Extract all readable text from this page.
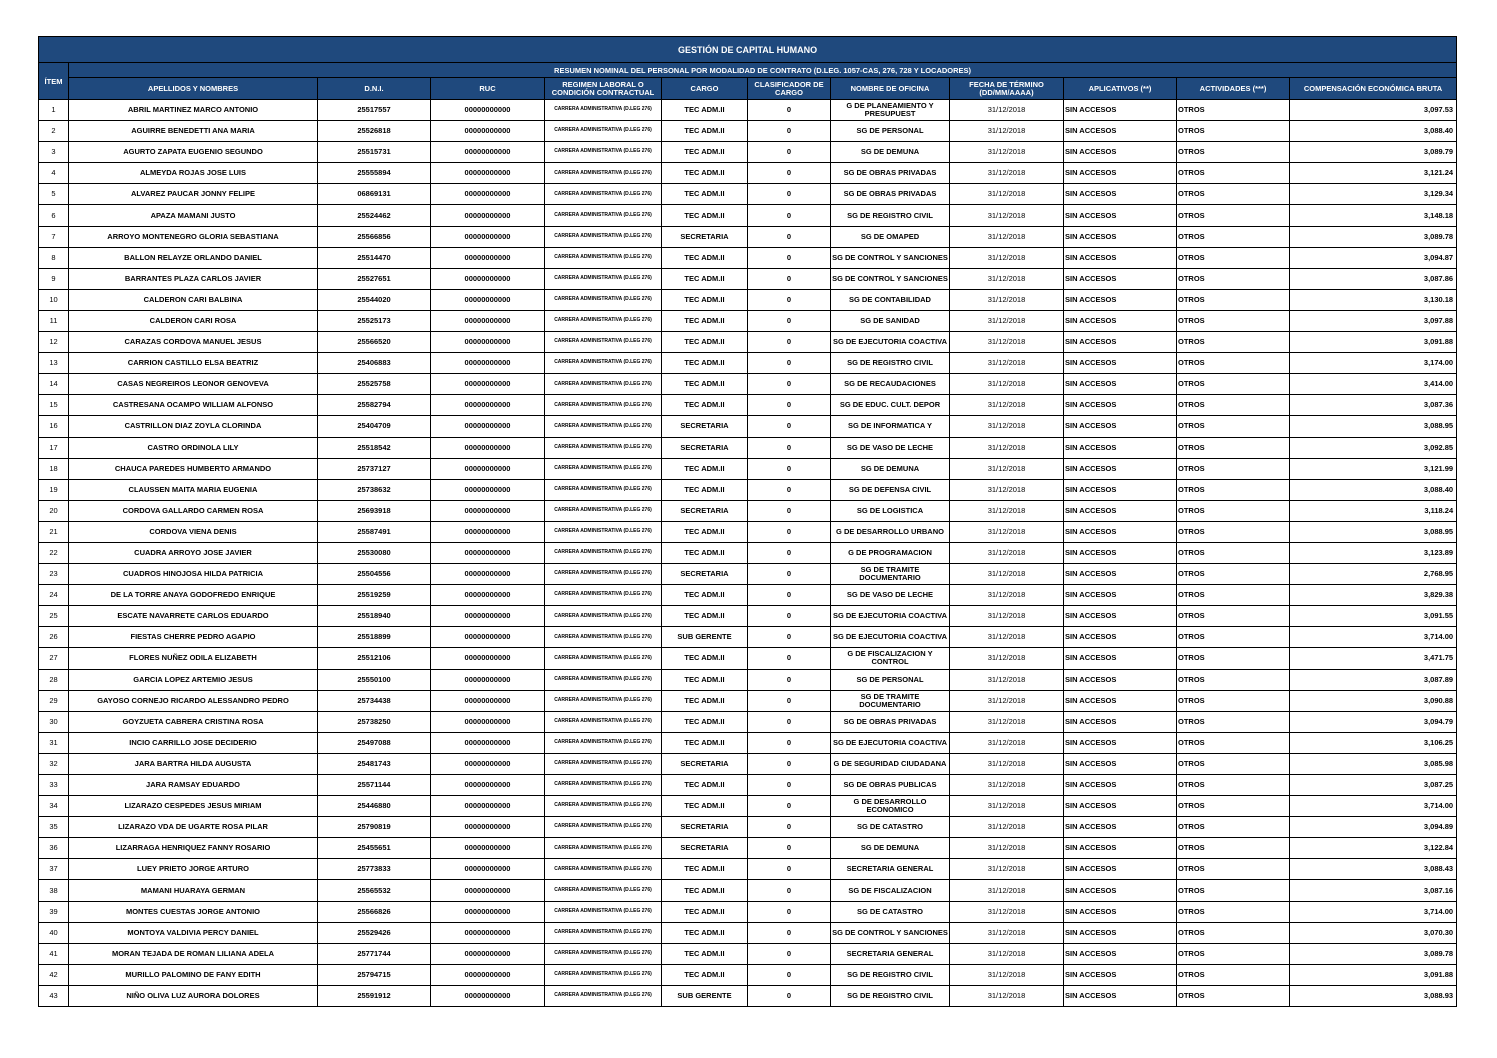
GESTIÓN DE CAPITAL HUMANO											
ÍTEM	RESUMEN NOMINAL DEL PERSONAL POR MODALIDAD DE CONTRATO (D.LEG. 1057-CAS, 276, 728 Y LOCADORES)										
	APELLIDOS Y NOMBRES	D.N.I.	RUC	REGIMEN LABORAL O CONDICIÓN CONTRACTUAL	CARGO	CLASIFICADOR DE CARGO	NOMBRE DE OFICINA	FECHA DE TÉRMINO (DD/MM/AAAA)	APLICATIVOS (**)	ACTIVIDADES (***)	COMPENSACIÓN ECONÓMICA BRUTA
1	ABRIL MARTINEZ MARCO ANTONIO	25517557	00000000000	CARRERA ADMINISTRATIVA (D.LEG 276)	TEC ADM.II	0	G DE PLANEAMIENTO Y PRESUPUEST	31/12/2018	SIN ACCESOS	OTROS	3,097.53
2	AGUIRRE BENEDETTI ANA MARIA	25526818	00000000000	CARRERA ADMINISTRATIVA (D.LEG 276)	TEC ADM.II	0	SG DE PERSONAL	31/12/2018	SIN ACCESOS	OTROS	3,088.40
3	AGURTO ZAPATA EUGENIO SEGUNDO	25515731	00000000000	CARRERA ADMINISTRATIVA (D.LEG 276)	TEC ADM.II	0	SG DE DEMUNA	31/12/2018	SIN ACCESOS	OTROS	3,089.79
4	ALMEYDA ROJAS JOSE LUIS	25555894	00000000000	CARRERA ADMINISTRATIVA (D.LEG 276)	TEC ADM.II	0	SG DE OBRAS PRIVADAS	31/12/2018	SIN ACCESOS	OTROS	3,121.24
5	ALVAREZ PAUCAR JONNY FELIPE	06869131	00000000000	CARRERA ADMINISTRATIVA (D.LEG 276)	TEC ADM.II	0	SG DE OBRAS PRIVADAS	31/12/2018	SIN ACCESOS	OTROS	3,129.34
6	APAZA MAMANI JUSTO	25524462	00000000000	CARRERA ADMINISTRATIVA (D.LEG 276)	TEC ADM.II	0	SG DE REGISTRO CIVIL	31/12/2018	SIN ACCESOS	OTROS	3,148.18
7	ARROYO MONTENEGRO GLORIA SEBASTIANA	25566856	00000000000	CARRERA ADMINISTRATIVA (D.LEG 276)	SECRETARIA	0	SG DE OMAPED	31/12/2018	SIN ACCESOS	OTROS	3,089.78
8	BALLON RELAYZE ORLANDO DANIEL	25514470	00000000000	CARRERA ADMINISTRATIVA (D.LEG 276)	TEC ADM.II	0	SG DE CONTROL Y SANCIONES	31/12/2018	SIN ACCESOS	OTROS	3,094.87
9	BARRANTES PLAZA CARLOS JAVIER	25527651	00000000000	CARRERA ADMINISTRATIVA (D.LEG 276)	TEC ADM.II	0	SG DE CONTROL Y SANCIONES	31/12/2018	SIN ACCESOS	OTROS	3,087.86
10	CALDERON CARI BALBINA	25544020	00000000000	CARRERA ADMINISTRATIVA (D.LEG 276)	TEC ADM.II	0	SG DE CONTABILIDAD	31/12/2018	SIN ACCESOS	OTROS	3,130.18
11	CALDERON CARI ROSA	25525173	00000000000	CARRERA ADMINISTRATIVA (D.LEG 276)	TEC ADM.II	0	SG DE SANIDAD	31/12/2018	SIN ACCESOS	OTROS	3,097.88
12	CARAZAS CORDOVA MANUEL JESUS	25566520	00000000000	CARRERA ADMINISTRATIVA (D.LEG 276)	TEC ADM.II	0	SG DE EJECUTORIA COACTIVA	31/12/2018	SIN ACCESOS	OTROS	3,091.88
13	CARRION CASTILLO ELSA BEATRIZ	25406883	00000000000	CARRERA ADMINISTRATIVA (D.LEG 276)	TEC ADM.II	0	SG DE REGISTRO CIVIL	31/12/2018	SIN ACCESOS	OTROS	3,174.00
14	CASAS NEGREIROS LEONOR GENOVEVA	25525758	00000000000	CARRERA ADMINISTRATIVA (D.LEG 276)	TEC ADM.II	0	SG DE RECAUDACIONES	31/12/2018	SIN ACCESOS	OTROS	3,414.00
15	CASTRESANA OCAMPO WILLIAM ALFONSO	25582794	00000000000	CARRERA ADMINISTRATIVA (D.LEG 276)	TEC ADM.II	0	SG DE EDUC. CULT. DEPOR	31/12/2018	SIN ACCESOS	OTROS	3,087.36
16	CASTRILLON DIAZ ZOYLA CLORINDA	25404709	00000000000	CARRERA ADMINISTRATIVA (D.LEG 276)	SECRETARIA	0	SG DE INFORMATICA Y	31/12/2018	SIN ACCESOS	OTROS	3,088.95
17	CASTRO ORDINOLA LILY	25518542	00000000000	CARRERA ADMINISTRATIVA (D.LEG 276)	SECRETARIA	0	SG DE VASO DE LECHE	31/12/2018	SIN ACCESOS	OTROS	3,092.85
18	CHAUCA PAREDES HUMBERTO ARMANDO	25737127	00000000000	CARRERA ADMINISTRATIVA (D.LEG 276)	TEC ADM.II	0	SG DE DEMUNA	31/12/2018	SIN ACCESOS	OTROS	3,121.99
19	CLAUSSEN MAITA MARIA EUGENIA	25738632	00000000000	CARRERA ADMINISTRATIVA (D.LEG 276)	TEC ADM.II	0	SG DE DEFENSA CIVIL	31/12/2018	SIN ACCESOS	OTROS	3,088.40
20	CORDOVA GALLARDO CARMEN ROSA	25693918	00000000000	CARRERA ADMINISTRATIVA (D.LEG 276)	SECRETARIA	0	SG DE LOGISTICA	31/12/2018	SIN ACCESOS	OTROS	3,118.24
21	CORDOVA VIENA DENIS	25587491	00000000000	CARRERA ADMINISTRATIVA (D.LEG 276)	TEC ADM.II	0	G DE DESARROLLO URBANO	31/12/2018	SIN ACCESOS	OTROS	3,088.95
22	CUADRA ARROYO JOSE JAVIER	25530080	00000000000	CARRERA ADMINISTRATIVA (D.LEG 276)	TEC ADM.II	0	G DE PROGRAMACION	31/12/2018	SIN ACCESOS	OTROS	3,123.89
23	CUADROS HINOJOSA HILDA PATRICIA	25504556	00000000000	CARRERA ADMINISTRATIVA (D.LEG 276)	SECRETARIA	0	SG DE TRAMITE DOCUMENTARIO	31/12/2018	SIN ACCESOS	OTROS	2,768.95
24	DE LA TORRE ANAYA GODOFREDO ENRIQUE	25519259	00000000000	CARRERA ADMINISTRATIVA (D.LEG 276)	TEC ADM.II	0	SG DE VASO DE LECHE	31/12/2018	SIN ACCESOS	OTROS	3,829.38
25	ESCATE NAVARRETE CARLOS EDUARDO	25518940	00000000000	CARRERA ADMINISTRATIVA (D.LEG 276)	TEC ADM.II	0	SG DE EJECUTORIA COACTIVA	31/12/2018	SIN ACCESOS	OTROS	3,091.55
26	FIESTAS CHERRE PEDRO AGAPIO	25518899	00000000000	CARRERA ADMINISTRATIVA (D.LEG 276)	SUB GERENTE	0	SG DE EJECUTORIA COACTIVA	31/12/2018	SIN ACCESOS	OTROS	3,714.00
27	FLORES NUÑEZ ODILA ELIZABETH	25512106	00000000000	CARRERA ADMINISTRATIVA (D.LEG 276)	TEC ADM.II	0	G DE FISCALIZACION Y CONTROL	31/12/2018	SIN ACCESOS	OTROS	3,471.75
28	GARCIA LOPEZ ARTEMIO JESUS	25550100	00000000000	CARRERA ADMINISTRATIVA (D.LEG 276)	TEC ADM.II	0	SG DE PERSONAL	31/12/2018	SIN ACCESOS	OTROS	3,087.89
29	GAYOSO CORNEJO RICARDO ALESSANDRO PEDRO	25734438	00000000000	CARRERA ADMINISTRATIVA (D.LEG 276)	TEC ADM.II	0	SG DE TRAMITE DOCUMENTARIO	31/12/2018	SIN ACCESOS	OTROS	3,090.88
30	GOYZUETA CABRERA CRISTINA ROSA	25738250	00000000000	CARRERA ADMINISTRATIVA (D.LEG 276)	TEC ADM.II	0	SG DE OBRAS PRIVADAS	31/12/2018	SIN ACCESOS	OTROS	3,094.79
31	INCIO CARRILLO JOSE DECIDERIO	25497088	00000000000	CARRERA ADMINISTRATIVA (D.LEG 276)	TEC ADM.II	0	SG DE EJECUTORIA COACTIVA	31/12/2018	SIN ACCESOS	OTROS	3,106.25
32	JARA BARTRA HILDA AUGUSTA	25481743	00000000000	CARRERA ADMINISTRATIVA (D.LEG 276)	SECRETARIA	0	G DE SEGURIDAD CIUDADANA	31/12/2018	SIN ACCESOS	OTROS	3,085.98
33	JARA RAMSAY EDUARDO	25571144	00000000000	CARRERA ADMINISTRATIVA (D.LEG 276)	TEC ADM.II	0	SG DE OBRAS PUBLICAS	31/12/2018	SIN ACCESOS	OTROS	3,087.25
34	LIZARAZO CESPEDES JESUS MIRIAM	25446880	00000000000	CARRERA ADMINISTRATIVA (D.LEG 276)	TEC ADM.II	0	G DE DESARROLLO ECONOMICO	31/12/2018	SIN ACCESOS	OTROS	3,714.00
35	LIZARAZO VDA DE UGARTE ROSA PILAR	25790819	00000000000	CARRERA ADMINISTRATIVA (D.LEG 276)	SECRETARIA	0	SG DE CATASTRO	31/12/2018	SIN ACCESOS	OTROS	3,094.89
36	LIZARRAGA HENRIQUEZ FANNY ROSARIO	25455651	00000000000	CARRERA ADMINISTRATIVA (D.LEG 276)	SECRETARIA	0	SG DE DEMUNA	31/12/2018	SIN ACCESOS	OTROS	3,122.84
37	LUEY PRIETO JORGE ARTURO	25773833	00000000000	CARRERA ADMINISTRATIVA (D.LEG 276)	TEC ADM.II	0	SECRETARIA GENERAL	31/12/2018	SIN ACCESOS	OTROS	3,088.43
38	MAMANI HUARAYA GERMAN	25565532	00000000000	CARRERA ADMINISTRATIVA (D.LEG 276)	TEC ADM.II	0	SG DE FISCALIZACION	31/12/2018	SIN ACCESOS	OTROS	3,087.16
39	MONTES CUESTAS JORGE ANTONIO	25566826	00000000000	CARRERA ADMINISTRATIVA (D.LEG 276)	TEC ADM.II	0	SG DE CATASTRO	31/12/2018	SIN ACCESOS	OTROS	3,714.00
40	MONTOYA VALDIVIA PERCY DANIEL	25529426	00000000000	CARRERA ADMINISTRATIVA (D.LEG 276)	TEC ADM.II	0	SG DE CONTROL Y SANCIONES	31/12/2018	SIN ACCESOS	OTROS	3,070.30
41	MORAN TEJADA DE ROMAN LILIANA ADELA	25771744	00000000000	CARRERA ADMINISTRATIVA (D.LEG 276)	TEC ADM.II	0	SECRETARIA GENERAL	31/12/2018	SIN ACCESOS	OTROS	3,089.78
42	MURILLO PALOMINO DE FANY EDITH	25794715	00000000000	CARRERA ADMINISTRATIVA (D.LEG 276)	TEC ADM.II	0	SG DE REGISTRO CIVIL	31/12/2018	SIN ACCESOS	OTROS	3,091.88
43	NIÑO OLIVA LUZ AURORA DOLORES	25591912	00000000000	CARRERA ADMINISTRATIVA (D.LEG 276)	SUB GERENTE	0	SG DE REGISTRO CIVIL	31/12/2018	SIN ACCESOS	OTROS	3,088.93
